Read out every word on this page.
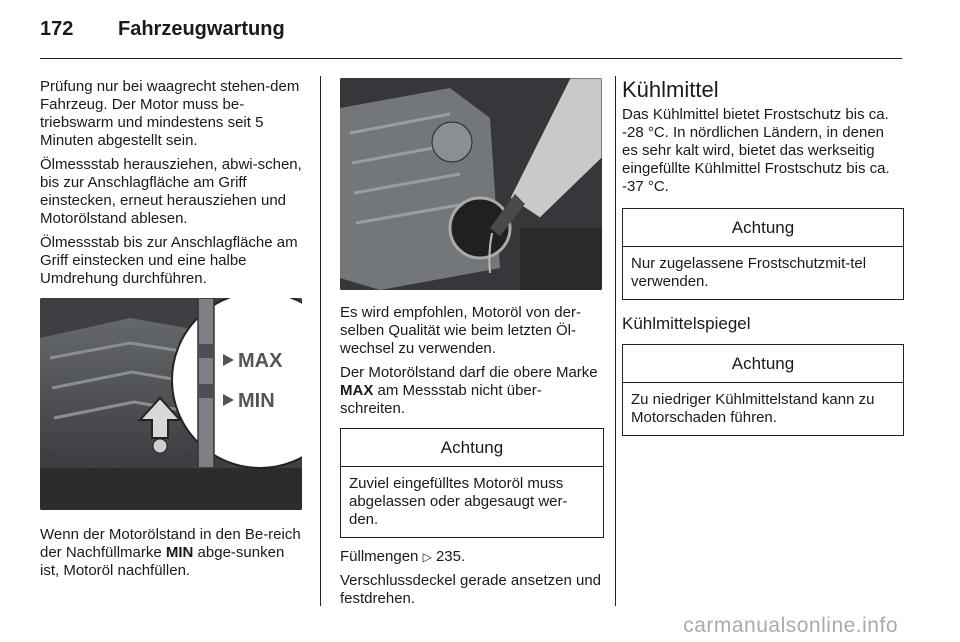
172	Fahrzeugwartung

Prüfung nur bei waagrecht stehen-dem Fahrzeug. Der Motor muss be-triebswarm und mindestens seit 5 Minuten abgestellt sein.

Ölmessstab herausziehen, abwi-schen, bis zur Anschlagfläche am Griff einstecken, erneut herausziehen und Motorölstand ablesen.

Ölmessstab bis zur Anschlagfläche am Griff einstecken und eine halbe Umdrehung durchführen.

MAX
MIN

Wenn der Motorölstand in den Be-reich der Nachfüllmarke MIN abge-sunken ist, Motoröl nachfüllen.

Es wird empfohlen, Motoröl von der-selben Qualität wie beim letzten Öl-wechsel zu verwenden.

Der Motorölstand darf die obere Marke MAX am Messstab nicht über-schreiten.

Achtung
Zuviel eingefülltes Motoröl muss abgelassen oder abgesaugt wer-den.

Füllmengen ▷ 235.

Verschlussdeckel gerade ansetzen und festdrehen.

Kühlmittel

Das Kühlmittel bietet Frostschutz bis ca. -28 °C. In nördlichen Ländern, in denen es sehr kalt wird, bietet das werkseitig eingefüllte Kühlmittel Frostschutz bis ca. -37 °C.

Achtung
Nur zugelassene Frostschutzmit-tel verwenden.
Kühlmittelspiegel
Achtung
Zu niedriger Kühlmittelstand kann zu Motorschaden führen.
carmanualsonline.info
